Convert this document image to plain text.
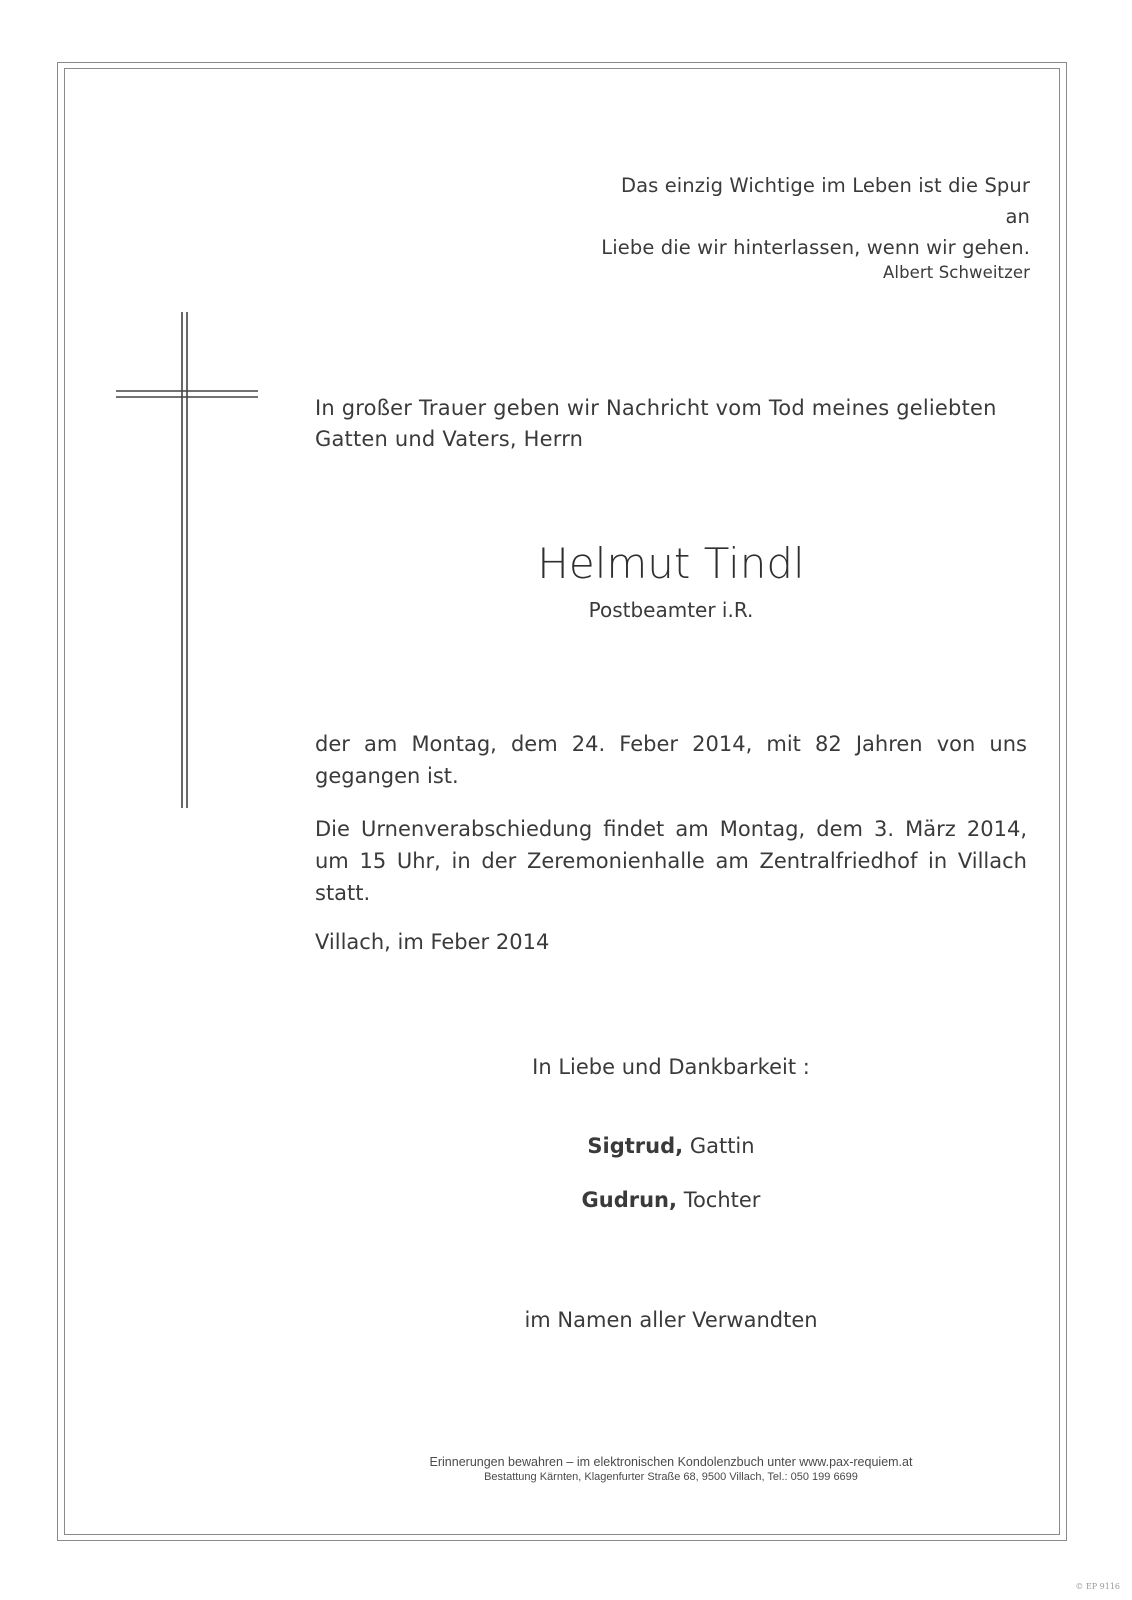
Das einzig Wichtige im Leben ist die Spur an
Liebe die wir hinterlassen, wenn wir gehen.
Albert Schweitzer
In großer Trauer geben wir Nachricht vom Tod meines geliebten
Gatten und Vaters, Herrn
Helmut Tindl
Postbeamter i.R.
der am Montag, dem 24. Feber 2014, mit 82 Jahren von uns gegangen ist.
Die Urnenverabschiedung findet am Montag, dem 3. März 2014, um 15 Uhr, in der Zeremonienhalle am Zentralfriedhof in Villach statt.
Villach, im Feber 2014
In Liebe und Dankbarkeit :
Sigtrud, Gattin
Gudrun, Tochter
im Namen aller Verwandten
Erinnerungen bewahren – im elektronischen Kondolenzbuch unter www.pax-requiem.at
Bestattung Kärnten, Klagenfurter Straße 68, 9500 Villach, Tel.: 050 199 6699
© EP 9116
